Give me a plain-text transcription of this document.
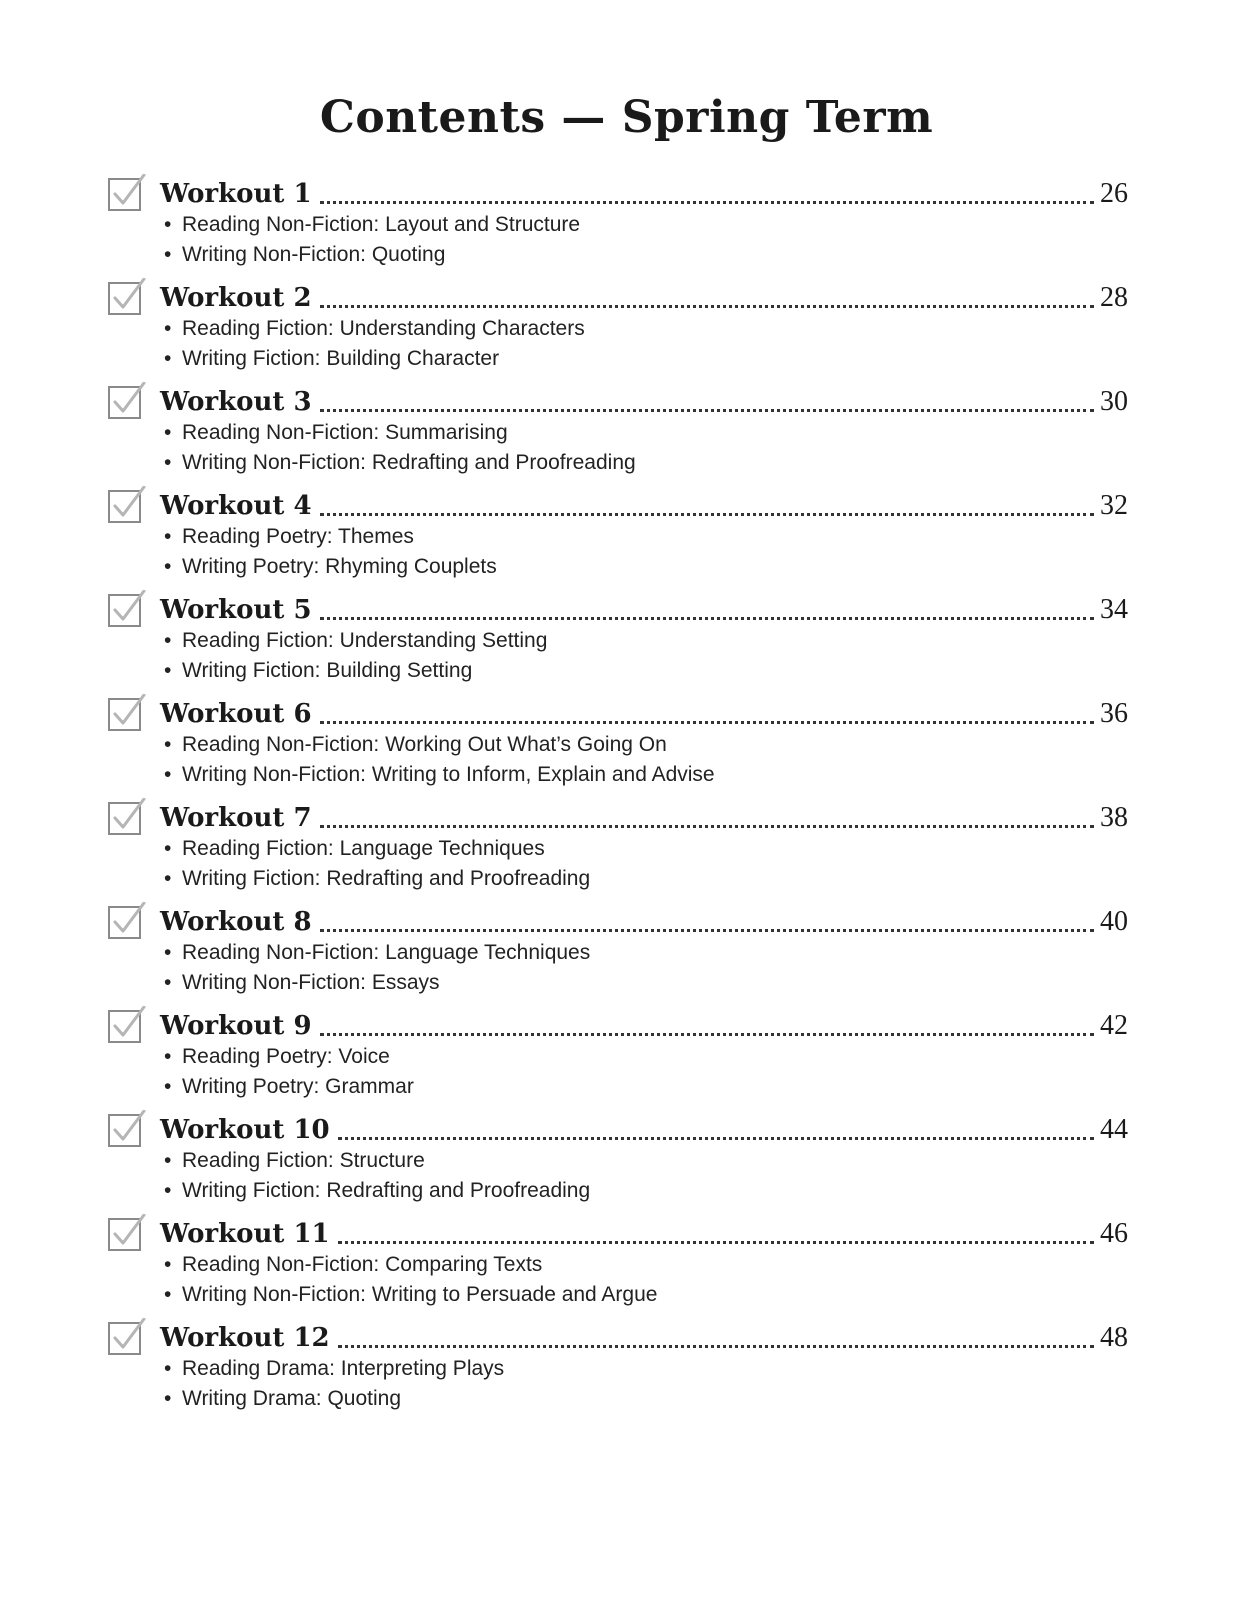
Contents — Spring Term
Workout 1	26
• Reading Non-Fiction: Layout and Structure
• Writing Non-Fiction: Quoting
Workout 2	28
• Reading Fiction: Understanding Characters
• Writing Fiction: Building Character
Workout 3	30
• Reading Non-Fiction: Summarising
• Writing Non-Fiction: Redrafting and Proofreading
Workout 4	32
• Reading Poetry: Themes
• Writing Poetry: Rhyming Couplets
Workout 5	34
• Reading Fiction: Understanding Setting
• Writing Fiction: Building Setting
Workout 6	36
• Reading Non-Fiction: Working Out What’s Going On
• Writing Non-Fiction: Writing to Inform, Explain and Advise
Workout 7	38
• Reading Fiction: Language Techniques
• Writing Fiction: Redrafting and Proofreading
Workout 8	40
• Reading Non-Fiction: Language Techniques
• Writing Non-Fiction: Essays
Workout 9	42
• Reading Poetry: Voice
• Writing Poetry: Grammar
Workout 10	44
• Reading Fiction: Structure
• Writing Fiction: Redrafting and Proofreading
Workout 11	46
• Reading Non-Fiction: Comparing Texts
• Writing Non-Fiction: Writing to Persuade and Argue
Workout 12	48
• Reading Drama: Interpreting Plays
• Writing Drama: Quoting
